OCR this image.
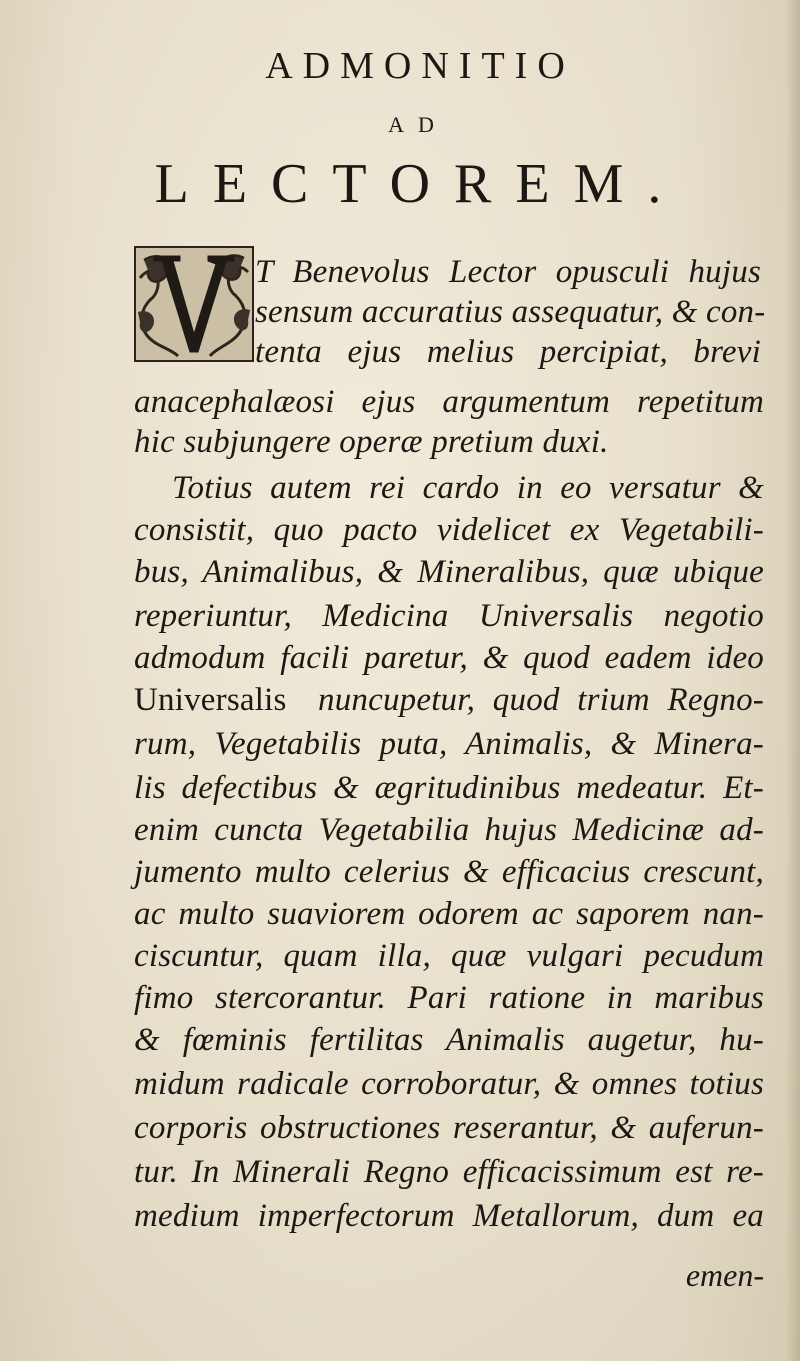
ADMONITIO
AD
LECTOREM.
T Benevolus Lector opusculi hujus
sensum accuratius assequatur, & con-
tenta ejus melius percipiat, brevi
anacephalæosi ejus argumentum repetitum
hic subjungere operæ pretium duxi.
Totius autem rei cardo in eo versatur &
consistit, quo pacto videlicet ex Vegetabili-
bus, Animalibus, & Mineralibus, quæ ubique
reperiuntur, Medicina Universalis negotio
admodum facili paretur, & quod eadem ideo
Universalis nuncupetur, quod trium Regno-
rum, Vegetabilis puta, Animalis, & Minera-
lis defectibus & ægritudinibus medeatur. Et-
enim cuncta Vegetabilia hujus Medicinæ ad-
jumento multo celerius & efficacius crescunt,
ac multo suaviorem odorem ac saporem nan-
ciscuntur, quam illa, quæ vulgari pecudum
fimo stercorantur. Pari ratione in maribus
& fœminis fertilitas Animalis augetur, hu-
midum radicale corroboratur, & omnes totius
corporis obstructiones reserantur, & auferun-
tur. In Minerali Regno efficacissimum est re-
medium imperfectorum Metallorum, dum ea
emen-
